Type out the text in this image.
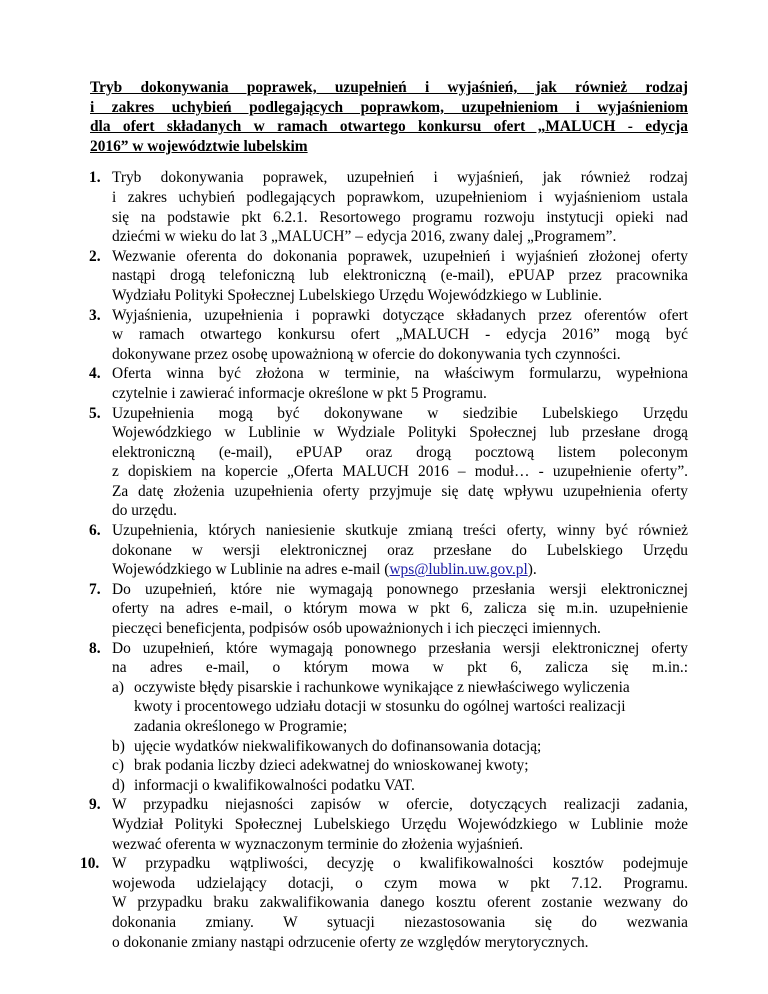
Tryb dokonywania poprawek, uzupełnień i wyjaśnień, jak również rodzaj
i zakres uchybień podlegających poprawkom, uzupełnieniom i wyjaśnieniom
dla ofert składanych w ramach otwartego konkursu ofert „MALUCH - edycja
2016” w województwie lubelskim
1. Tryb dokonywania poprawek, uzupełnień i wyjaśnień, jak również rodzaj
i zakres uchybień podlegających poprawkom, uzupełnieniom i wyjaśnieniom ustala
się na podstawie pkt 6.2.1. Resortowego programu rozwoju instytucji opieki nad
dziećmi w wieku do lat 3 „MALUCH” – edycja 2016, zwany dalej „Programem”.
2. Wezwanie oferenta do dokonania poprawek, uzupełnień i wyjaśnień złożonej oferty
nastąpi drogą telefoniczną lub elektroniczną (e-mail), ePUAP przez pracownika
Wydziału Polityki Społecznej Lubelskiego Urzędu Wojewódzkiego w Lublinie.
3. Wyjaśnienia, uzupełnienia i poprawki dotyczące składanych przez oferentów ofert
w ramach otwartego konkursu ofert „MALUCH - edycja 2016” mogą być
dokonywane przez osobę upoważnioną w ofercie do dokonywania tych czynności.
4. Oferta winna być złożona w terminie, na właściwym formularzu, wypełniona
czytelnie i zawierać informacje określone w pkt 5 Programu.
5. Uzupełnienia mogą być dokonywane w siedzibie Lubelskiego Urzędu
Wojewódzkiego w Lublinie w Wydziale Polityki Społecznej lub przesłane drogą
elektroniczną (e-mail), ePUAP oraz drogą pocztową listem poleconym
z dopiskiem na kopercie „Oferta MALUCH 2016 – moduł… - uzupełnienie oferty”.
Za datę złożenia uzupełnienia oferty przyjmuje się datę wpływu uzupełnienia oferty
do urzędu.
6. Uzupełnienia, których naniesienie skutkuje zmianą treści oferty, winny być również
dokonane w wersji elektronicznej oraz przesłane do Lubelskiego Urzędu
Wojewódzkiego w Lublinie na adres e-mail (wps@lublin.uw.gov.pl).
7. Do uzupełnień, które nie wymagają ponownego przesłania wersji elektronicznej
oferty na adres e-mail, o którym mowa w pkt 6, zalicza się m.in. uzupełnienie
pieczęci beneficjenta, podpisów osób upoważnionych i ich pieczęci imiennych.
8. Do uzupełnień, które wymagają ponownego przesłania wersji elektronicznej oferty
na adres e-mail, o którym mowa w pkt 6, zalicza się m.in.:
a) oczywiste błędy pisarskie i rachunkowe wynikające z niewłaściwego wyliczenia
kwoty i procentowego udziału dotacji w stosunku do ogólnej wartości realizacji
zadania określonego w Programie;
b) ujęcie wydatków niekwalifikowanych do dofinansowania dotacją;
c) brak podania liczby dzieci adekwatnej do wnioskowanej kwoty;
d) informacji o kwalifikowalności podatku VAT.
9. W przypadku niejasności zapisów w ofercie, dotyczących realizacji zadania,
Wydział Polityki Społecznej Lubelskiego Urzędu Wojewódzkiego w Lublinie może
wezwać oferenta w wyznaczonym terminie do złożenia wyjaśnień.
10. W przypadku wątpliwości, decyzję o kwalifikowalności kosztów podejmuje
wojewoda udzielający dotacji, o czym mowa w pkt 7.12. Programu.
W przypadku braku zakwalifikowania danego kosztu oferent zostanie wezwany do
dokonania zmiany. W sytuacji niezastosowania się do wezwania
o dokonanie zmiany nastąpi odrzucenie oferty ze względów merytorycznych.
